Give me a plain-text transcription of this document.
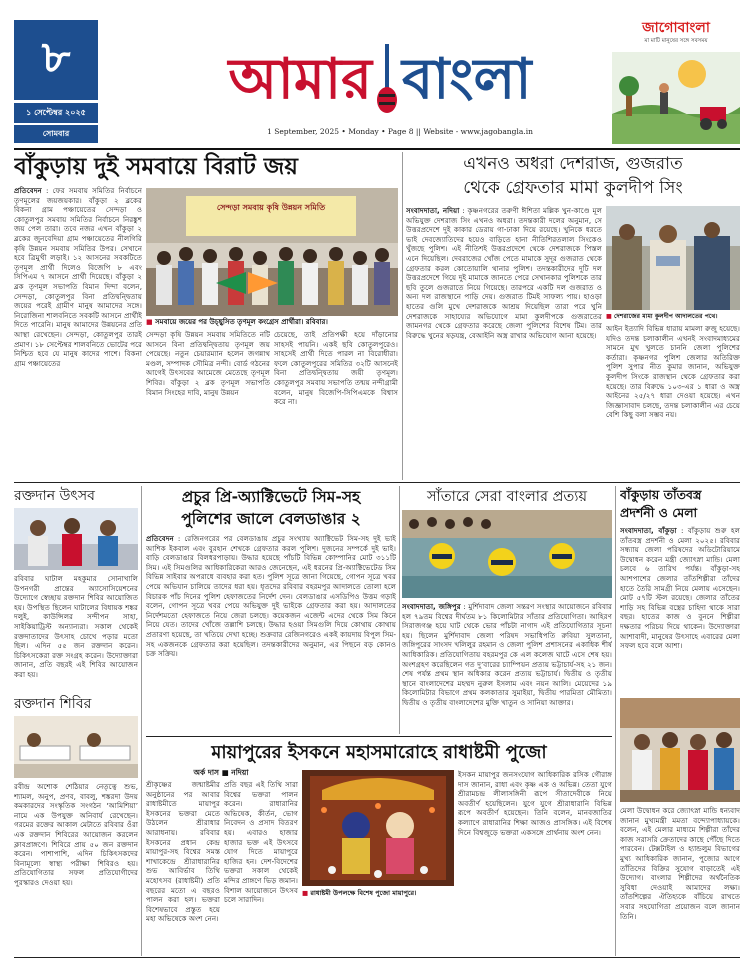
৮
১ সেপ্টেম্বর ২০২৫
সোমবার
আমার বাংলা
1 September, 2025 • Monday • Page 8 || Website - www.jagobangla.in
জাগোবাংলা
মা মাটি মানুষের সঙ্গে সবসময়
বাঁকুড়ায় দুই সমবায়ে বিরাট জয়
প্রতিবেদন : ফের সমবায় সমিতির নির্বাচনে তৃণমূলের জয়জয়কার। বাঁকুড়া ২ ব্লকের বিকনা গ্রাম পঞ্চায়েতের সেন্দড়া ও কোতুলপুর সমবায় সমিতির নির্বাচনে নিরঙ্কুশ জয় পেল তারা। তবে নজর এখন বাঁকুড়া ২ ব্লকের জুনবেদিয়া গ্রাম পঞ্চায়েতের নীলগিরি কৃষি উন্নয়ন সমবায় সমিতির উপর। সেখানে হবে ত্রিমুখী লড়াই। ১২ আসনের সবকটিতে তৃণমূল প্রার্থী দিলেও বিজেপি ৮ এবং সিপিএম ৭ আসনে প্রার্থী দিয়েছে। বাঁকুড়া ২ ব্লক তৃণমূল সভাপতি বিমান দিন্দা বলেন, সেন্দড়া, কোতুলপুর বিনা প্রতিদ্বন্দ্বিতায় জয়ের পরেই গ্রামীণ মানুষ আমাদের সঙ্গে। নিরোজিনা শালবনিতে সবকটি আসনে প্রার্থীই দিতে পারেনি। মানুষ আমাদের উন্নয়নের প্রতি আস্থা রেখেছেন। সেন্দড়া, কোতুলপুর তারই প্রমাণ। ১৮ সেপ্টেম্বর শালবনিতে ভোটের পরে নিশ্চিত হবে যে মানুষ কাদের পাশে। বিকনা গ্রাম পঞ্চায়েতের
সেন্দড়া সমবায় কৃষি উন্নয়ন সমিতি
■ সমবায়ে জয়ের পর উচ্ছ্বসিত তৃণমূল কংগ্রেস প্রার্থীরা। রবিবার।
সেন্দড়া কৃষি উন্নয়ন সমবায় সমিতিতে নটি আসনে বিনা প্রতিদ্বন্দ্বিতায় তৃণমূল জয় পেয়েছে। নতুন চেয়ারম্যান হলেন জগন্নাথ মণ্ডল, সম্পাদক সৌমিত্র নন্দী। বোর্ড গঠনের আগেই উৎসবের আমেজে মেতেছে তৃণমূল শিবির। বাঁকুড়া ২ ব্লক তৃণমূল সভাপতি বিমান সিংহের দাবি, মানুষ উন্নয়ন
চেয়েছে, তাই প্রতিপক্ষী হয়ে দাঁড়ানোর সাহসই পায়নি। একই ছবি কোতুলপুরেও। সাহসেই প্রার্থী দিতে পারল না বিরোধীরা। ফলে কোতুলপুরের সমিতির ৩২টি আসনেই বিনা প্রতিদ্বন্দ্বিতায় জয়ী তৃণমূল। কোতুলপুর সমবায় সভাপতি তন্ময় নন্দীগ্রামী বলেন, মানুষ বিজেপি-সিপিএমকে বিশ্বাস করে না।
এখনও অধরা দেশরাজ, গুজরাত
থেকে গ্রেফতার মামা কুলদীপ সিং
সংবাদদাতা, নদিয়া : কৃষ্ণনগরের তরুণী ঈশিতা মল্লিক খুন-কাণ্ডে মূল অভিযুক্ত দেশরাজ সিং এখনও অধরা। তদন্তকারী দলের অনুমান, সে উত্তরপ্রদেশে দুই কাকার ডেরায় গা-ঢাকা দিয়ে রয়েছে। খুনিকে ধরতে ভাই দেবজ্যোতিদের হয়েও বাড়িতে হানা নীতিশিরতলাল সিংকেও খুঁজছে পুলিশ। এই নীতিশই উত্তরপ্রদেশে থেকে দেশরাজকে পিস্তল এনে দিয়েছিল। দেবরাজের খোঁজ পেতে মামাকে সুদূর গুজরাত থেকে গ্রেফতার করল কোতোয়ালি থানার পুলিশ। তদন্তকারীদের দুটি দল উত্তরপ্রদেশে গিয়ে দুই মামাকে জানতে পেরে সেখানকার পুলিশকে তার ছবি তুলে গুজরাতে নিয়ে গিয়েছে। তারপরে একটি দল গুজরাত ও অন্য দল রাজস্থানে পাড়ি দেয়। গুজরাত টিমই সাফল্য পায়। হাওড়া হাতের গুলি মুখে দেশরাজকে আশ্রয় দিয়েছিল তারা পরে খুনি দেশরাজকে সাহায্যের অভিযোগে মামা কুলদীপকে গুজরাতের জামনগর থেকে গ্রেফতার করেছে জেলা পুলিশের বিশেষ টিম। তার বিরুদ্ধে খুনের ষড়যন্ত্র, বেআইনি অস্ত্র রাখার অভিযোগ আনা হয়েছে।
■ দেশরাজের মামা কুলদীপ আদালতের পথে।
আইন ইত্যাদি বিভিন্ন ধারায় মামলা রুজু হয়েছে। যদিও তদন্ত চলাকালীন এখনই সংবাদমাধ্যমের সামনে মুখ খুলতে চাননি জেলা পুলিশের কর্তারা। কৃষ্ণনগর পুলিশ জেলার অতিরিক্ত পুলিশ সুপার নীত কুমার জানান, অভিযুক্ত কুলদীপ সিংকে রাজস্থান থেকে গ্রেফতার করা হয়েছে। তার বিরুদ্ধে ১০৩-এর ১ ধারা ও অস্ত্র আইনের ২৫/২৭ ধারা দেওয়া হয়েছে। এখন জিজ্ঞাসাবাদ চলছে, তদন্ত চলাকালীন এর চেয়ে বেশি কিছু বলা সম্ভব নয়।
রক্তদান উৎসব
রবিবার ঘাটাল মহকুমার সোনাখালি উপনগরী প্রান্তের অ্যাসোসিয়েশনের উদ্যোগে স্বেচ্ছায় রক্তদান শিবির আয়োজিত হয়। উপস্থিত ছিলেন ঘাটালের বিধায়ক শঙ্কর দলুই, কাউন্সিলর সন্দীপন সাহা, সাইকিয়াট্রিস্ট অন্যান্যরা। সকাল থেকেই রক্তদাতাদের উৎসাহ চোখে পড়ার মতো ছিল। এদিন ৫৫ জন রক্তদান করেন। চিকিৎসকেরা রক্ত সংগ্রহ করেন। উদ্যোক্তারা জানান, প্রতি বছরই এই শিবির আয়োজন করা হয়।
রক্তদান শিবির
রবীন্দ্র অশোক শেঠিয়ার নেতৃত্বে শুভ, শ্যামল, অনুপ, প্রণব, বাবলু, শঙ্করদা উদয় কমকারদের সংস্কৃতিক সংগঠন ‘আমিশিয়া’ নামে এক উপযুক্ত অনিবার্য রেখেছেন। গরমের রক্তের আকাল মেটাতে রবিবার ওঁরা এক রক্তদান শিবিরের আয়োজন করলেন ক্লাবপ্রাঙ্গণে। শিবিরে প্রায় ৫০ জন রক্তদান করেন। পাশাপাশি, এদিন চিকিৎসকদের বিনামূল্যে স্বাস্থ্য পরীক্ষা শিবিরও হয়। প্রতিযোগিতার সফল প্রতিযোগীদের পুরস্কারও দেওয়া হয়।
প্রচুর প্রি-অ্যাক্টিভেটে সিম-সহ
পুলিশের জালে বেলডাঙার ২
প্রতিবেদন : রেজিনগরের পর বেলডাঙায় প্রচুর সংখ্যায় অ্যাক্টিভেট সিম-সহ দুই ভাই আশিক ইকবাল এবং বুরহান শেখকে গ্রেফতার করল পুলিশ। দুজনের সম্পর্কে দুই ভাই। বাড়ি বেলডাঙার বিলধরপাড়ায়। উদ্ধার হয়েছে পাঁচটি বিভিন্ন কোম্পানির মোট ৩১১টি সিম। এই সিমগুলির আধিকারিকেরা আরও জেনেছেন, এই ধরনের প্রি-অ্যাক্টিভেটেড সিম বিভিন্ন সাইবার অপরাধে ব্যবহার করা হত। পুলিশ সূত্রে জানা গিয়েছে, গোপন সূত্রে খবর পেয়ে অভিযান চালিয়ে তাদের ধরা হয়। ধৃতদের রবিবার বহরমপুর আদালতে তোলা হলে বিচারক পাঁচ দিনের পুলিশ হেফাজতের নির্দেশ দেন। বেলডাঙার এসডিপিও উত্তম গড়াই বলেন, গোপন সূত্রে খবর পেয়ে অভিযুক্ত দুই ভাইকে গ্রেফতার করা হয়। আদালতের নির্দেশমতো হেফাজতে নিয়ে জেরা চলছে। কয়েকজন এজেন্ট এদের থেকে সিম কিনে নিয়ে যেত। তাদের খোঁজে তল্লাশি চলছে। উদ্ধার হওয়া সিমগুলি দিয়ে কোথায় কোথায় প্রতারণা হয়েছে, তা খতিয়ে দেখা হচ্ছে। শুক্রবার রেজিনগরেও একই কায়দায় বিপুল সিম-সহ একজনকে গ্রেফতার করা হয়েছিল। তদন্তকারীদের অনুমান, এর পিছনে বড় কোনও চক্র সক্রিয়।
সাঁতারে সেরা বাংলার প্রত্যয়
সংবাদদাতা, জঙ্গিপুর : মুর্শিদাবাদ জেলা সন্তরণ সংস্থার আয়োজনে রবিবার হল ৭৯তম বিশ্বের দীর্ঘতম ৮১ কিলোমিটার সাঁতার প্রতিযোগিতা। আহিরণ সিরাজগঞ্জ হয়ে ঘাট থেকে ভোর পাঁচটা নাগাদ এই প্রতিযোগিতার সূচনা হয়। ছিলেন মুর্শিদাবাদ জেলা পরিষদ সভাধিপতি রুবিয়া সুলতানা, জঙ্গিপুরের সাংসদ খলিলুর রহমান ও জেলা পুলিশ প্রশাসনের একাধিক শীর্ষ আধিকারিক। প্রতিযোগিতায় বহরমপুর কে এল কলেজ ঘাটে এসে শেষ হয়। অংশগ্রহণ করেছিলেন গত দু’বারের চ্যাম্পিয়ন প্রত্যয় ভট্টাচার্য-সহ ২১ জন। শেষ পর্যন্ত প্রথম স্থান অধিকার করেন প্রত্যয় ভট্টাচার্য। দ্বিতীয় ও তৃতীয় স্থানে বাংলাদেশের মহম্মদ নুরুল ইসলাম এবং নয়ন আলি। মেয়েদের ১৯ কিলোমিটার বিভাগে প্রথম কলকাতার সুমাইয়া, দ্বিতীয় পারমিতা মৌমিতা। দ্বিতীয় ও তৃতীয় বাংলাদেশের মুক্তি খাতুন ও সানিয়া আক্তার।
বাঁকুড়ায় তাঁতবস্ত্র
প্রদর্শনী ও মেলা
সংবাদদাতা, বাঁকুড়া : বাঁকুড়ায় শুরু হল তাঁতবস্ত্র প্রদর্শনী ও মেলা ২০২৫। রবিবার সন্ধ্যায় জেলা পরিষদের অডিটোরিয়ামে উদ্বোধন করেন মন্ত্রী জ্যোৎস্না মান্ডি। মেলা চলবে ৬ তারিখ পর্যন্ত। বাঁকুড়া-সহ আশপাশের জেলার তাঁতশিল্পীরা তাঁদের হাতে তৈরি সামগ্রী নিয়ে মেলায় এসেছেন। মোট ৫৭টি স্টল রয়েছে। জেলার তাঁতের শাড়ি সহ বিভিন্ন বস্ত্রের চাহিদা থাকে সারা বছর। হাতের কাজ ও বুননে শিল্পীরা দক্ষতার পরিচয় দিয়ে থাকেন। উদ্যোক্তারা আশাবাদী, মানুষের উৎসাহে এবারের মেলা সফল হবে বলে আশা।
মেলা উদ্বোধন করে জ্যোৎস্না মান্ডি ধন্যবাদ জানান মুখ্যমন্ত্রী মমতা বন্দ্যোপাধ্যায়কে। বলেন, এই মেলার মাধ্যমে শিল্পীরা তাঁদের কাজ সরাসরি ক্রেতাদের কাছে পৌঁছে দিতে পারবেন। টেক্সটাইল ও হ্যান্ডলুম বিভাগের মুখ্য আধিকারিক জানান, পুজোর আগে তাঁতিদের বিক্রির সুযোগ বাড়াতেই এই উদ্যোগ। বাংলার শিল্পীদের অর্থনৈতিক সুবিধা দেওয়াই আমাদের লক্ষ্য। তাঁতশিল্পের ঐতিহ্যকে বাঁচিয়ে রাখতে সবার সহযোগিতা প্রয়োজন বলে জানান তিনি।
মায়াপুরের ইসকনে মহাসমারোহে রাধাষ্টমী পুজো
অর্ক দাস ■ নদিয়া
শ্রীকৃষ্ণের জন্মাষ্টমীর অনুষ্ঠানের পর আবার রাধাষ্টমীতে মায়াপুর ইসকনের ভক্তরা মেতে উঠলেন শ্রীরাধার আরাধনায়। রবিবার ইসকনের প্রধান কেন্দ্র মায়াপুর-সহ বিশ্বের সমস্ত শাখাকেন্দ্রে শ্রীরাধারানির শুভ আবির্ভাব তিথি মহোৎসব (রাধাষ্টমী) প্রতি বছরের মতো এ বছরও পালন করা হল। ভক্তরা বিশেষভাবে প্রস্তুত হয়ে মহা অভিষেকে অংশ নেন।
প্রতি বছর এই তিথি সারা বিশ্বের ভক্তরা পালন করেন। রাধারানির অভিষেক, কীর্তন, ভোগ নিবেদন ও প্রসাদ বিতরণ হয়। এবারও হাজার হাজার ভক্ত এই উৎসবে যোগ দিতে মায়াপুরে হাজির হন। দেশ-বিদেশের ভক্তরা সকাল থেকেই মন্দির প্রাঙ্গণে ভিড় জমান। বিশাল আয়োজনে উৎসব চলে সারাদিন।
■ রাধাষ্টমী উপলক্ষে বিশেষ পুজো মায়াপুরে।
ইসকন মায়াপুর জনসংযোগ আধিকারিক রসিক গৌরাঙ্গ দাস জানান, রাধা এবং কৃষ্ণ এক ও অভিন্ন। তেতা যুগে শ্রীরামচন্দ্র লীলাসঙ্গিনী রূপে সীতাদেবীকে নিয়ে অবতীর্ণ হয়েছিলেন। যুগে যুগে শ্রীরাধারানি বিভিন্ন রূপে অবতীর্ণ হয়েছেন। তিনি বলেন, মানবজাতির কল্যাণে রাধারানির শিক্ষা আজও প্রাসঙ্গিক। এই বিশেষ দিনে বিশ্বজুড়ে ভক্তরা একসঙ্গে প্রার্থনায় অংশ নেন।
